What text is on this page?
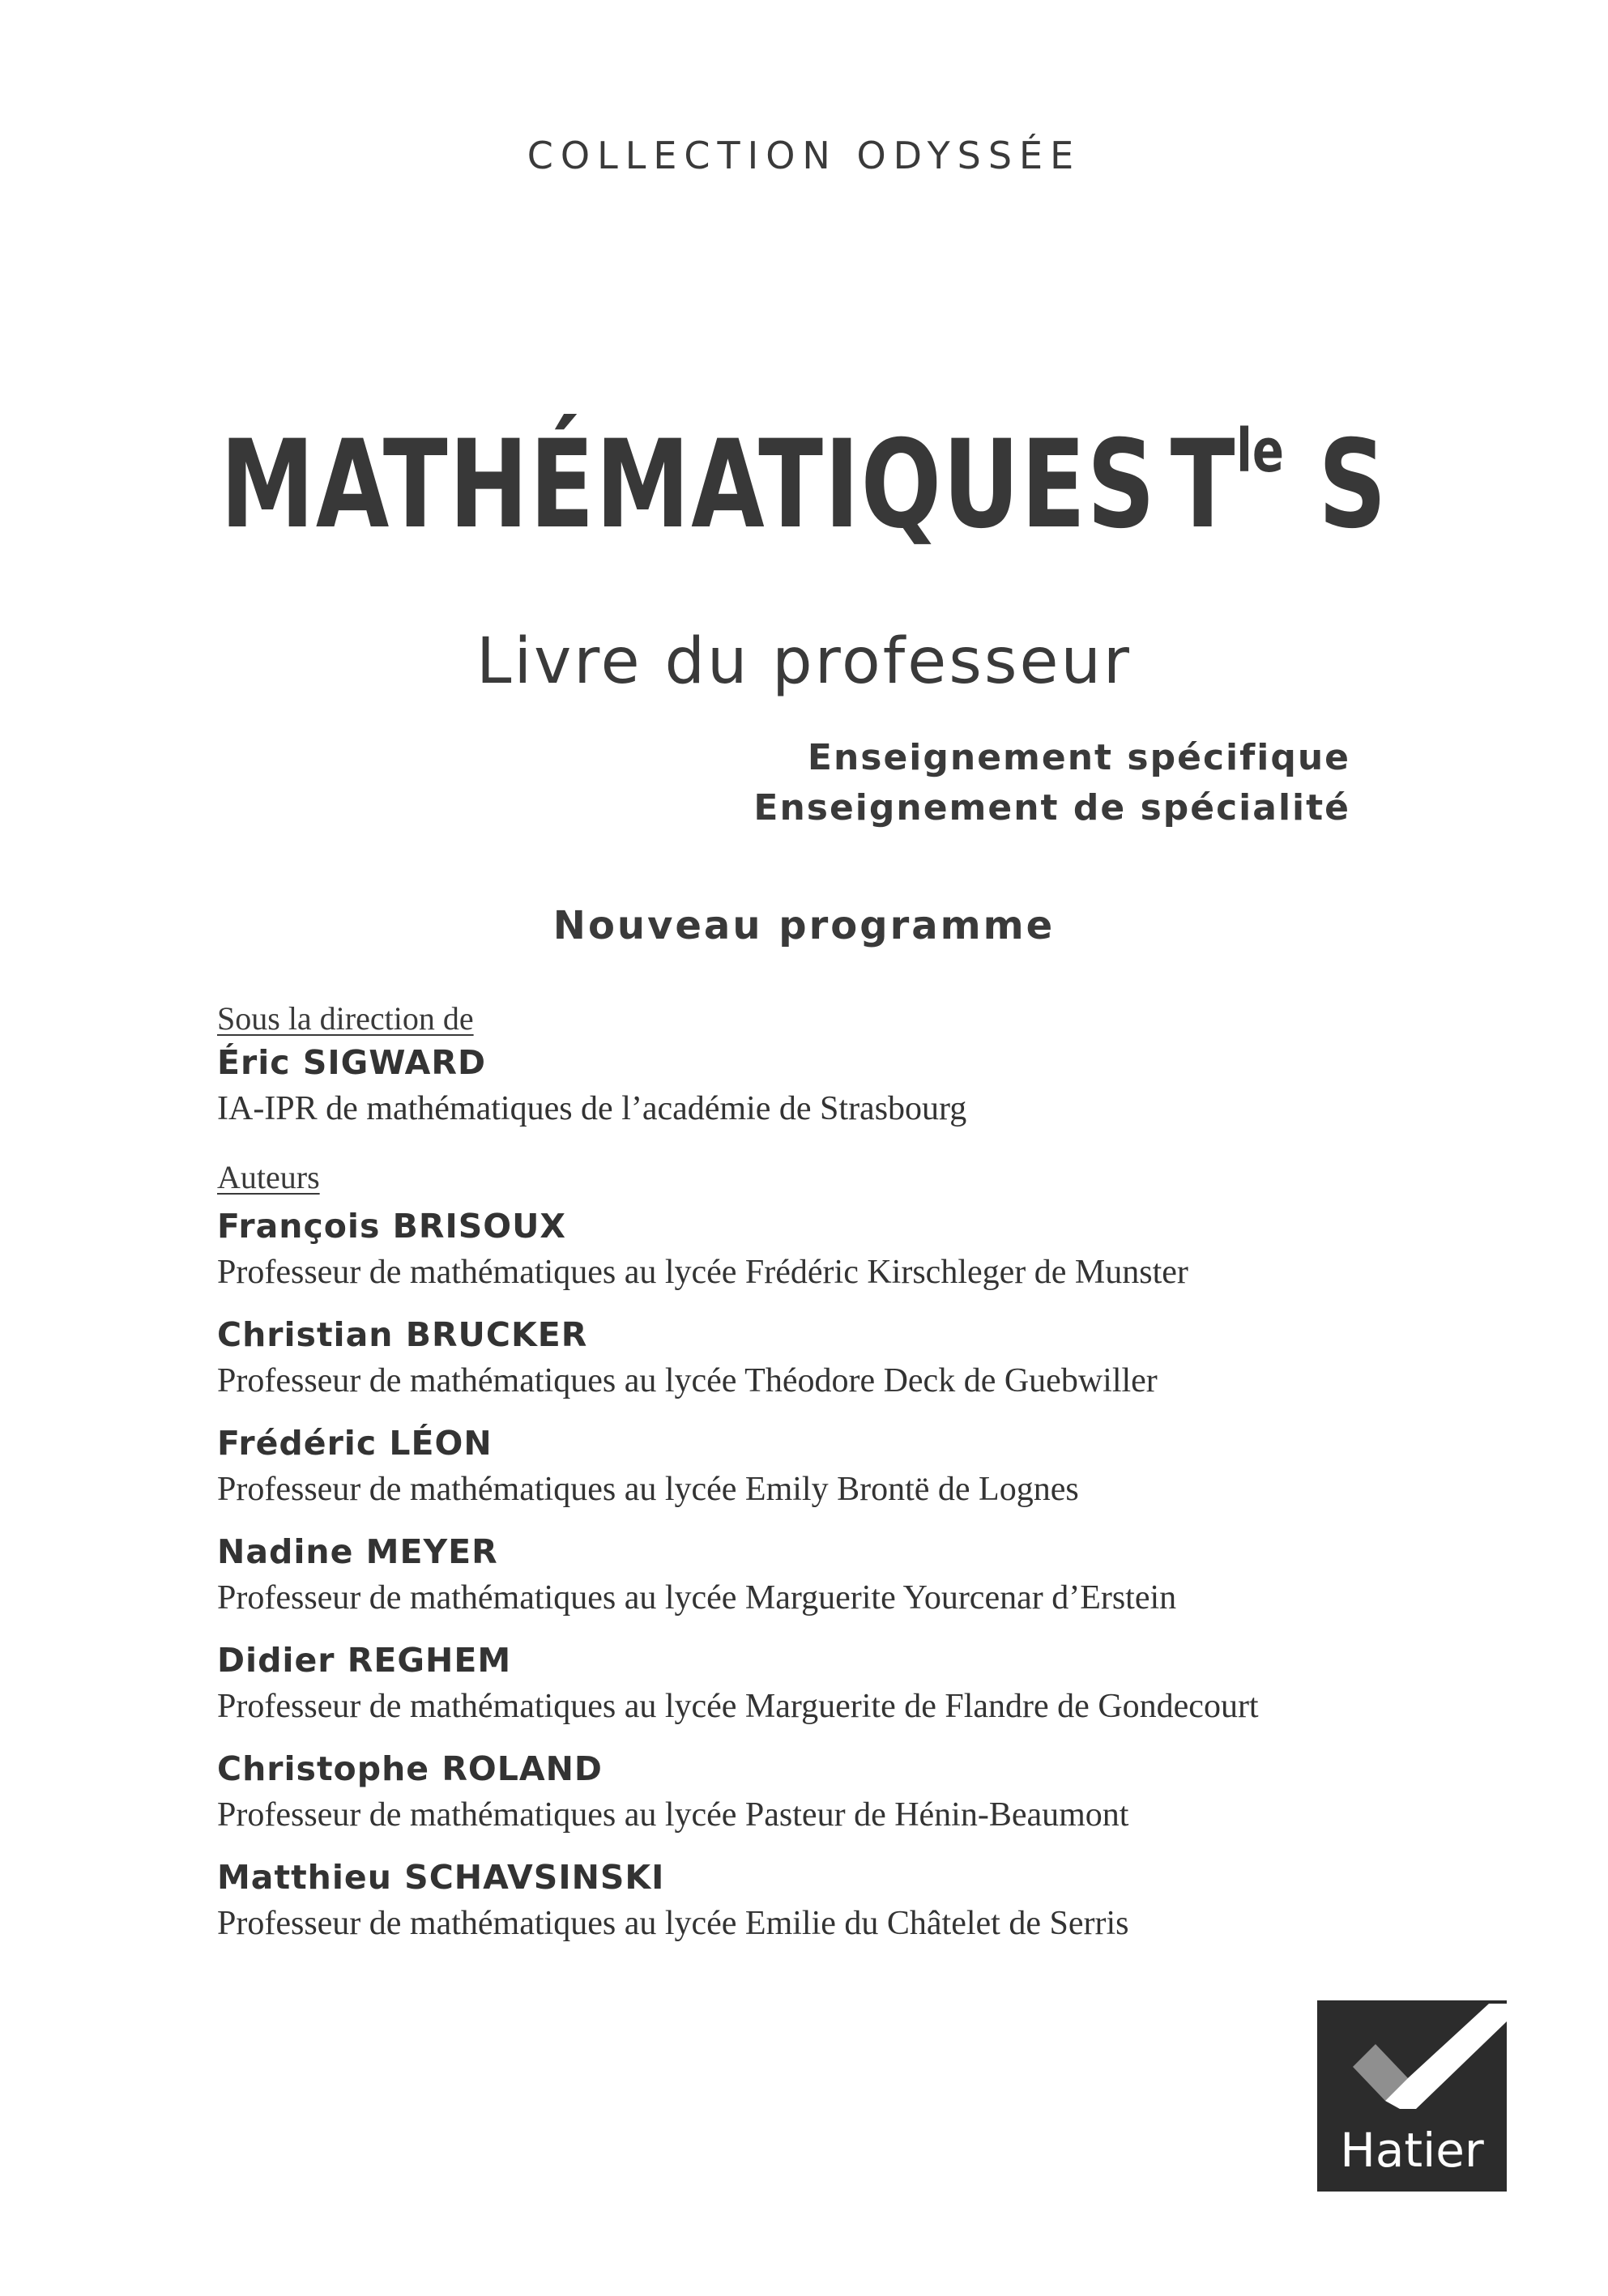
COLLECTION ODYSSÉE
MATHÉMATIQUES $T^{le}$ S
Livre du professeur
Enseignement spécifique
Enseignement de spécialité
Nouveau programme
Sous la direction de
Éric SIGWARD
IA-IPR de mathématiques de l’académie de Strasbourg
Auteurs
François BRISOUX
Professeur de mathématiques au lycée Frédéric Kirschleger de Munster
Christian BRUCKER
Professeur de mathématiques au lycée Théodore Deck de Guebwiller
Frédéric LÉON
Professeur de mathématiques au lycée Emily Brontë de Lognes
Nadine MEYER
Professeur de mathématiques au lycée Marguerite Yourcenar d’Erstein
Didier REGHEM
Professeur de mathématiques au lycée Marguerite de Flandre de Gondecourt
Christophe ROLAND
Professeur de mathématiques au lycée Pasteur de Hénin-Beaumont
Matthieu SCHAVSINSKI
Professeur de mathématiques au lycée Emilie du Châtelet de Serris
Hatier
